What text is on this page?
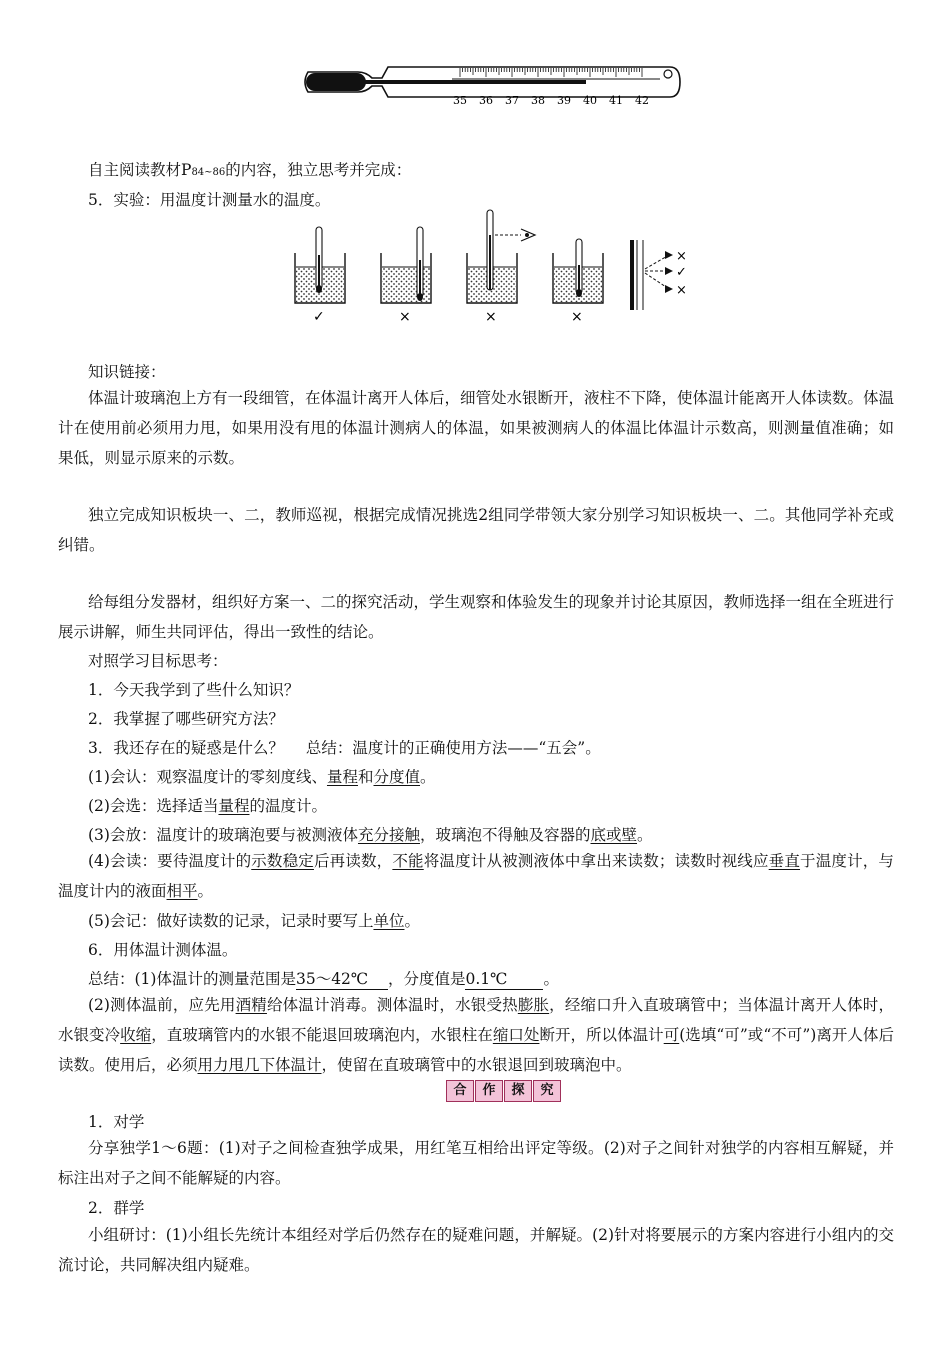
35 36 37 38 39 40 41 42
自主阅读教材P84~86的内容，独立思考并完成：
5．实验：用温度计测量水的温度。
×
✓
×
✓	×	×	×
知识链接：
体温计玻璃泡上方有一段细管，在体温计离开人体后，细管处水银断开，液柱不下降，使体温计能离开人体读数。体温计在使用前必须用力甩，如果用没有甩的体温计测病人的体温，如果被测病人的体温比体温计示数高，则测量值准确；如果低，则显示原来的示数。
独立完成知识板块一、二，教师巡视，根据完成情况挑选2组同学带领大家分别学习知识板块一、二。其他同学补充或纠错。
给每组分发器材，组织好方案一、二的探究活动，学生观察和体验发生的现象并讨论其原因，教师选择一组在全班进行展示讲解，师生共同评估，得出一致性的结论。
对照学习目标思考：
1．今天我学到了些什么知识？
2．我掌握了哪些研究方法？
3．我还存在的疑惑是什么？ 总结：温度计的正确使用方法——“五会”。
(1)会认：观察温度计的零刻度线、量程和分度值。
(2)会选：选择适当量程的温度计。
(3)会放：温度计的玻璃泡要与被测液体充分接触，玻璃泡不得触及容器的底或壁。
(4)会读：要待温度计的示数稳定后再读数，不能将温度计从被测液体中拿出来读数；读数时视线应垂直于温度计，与温度计内的液面相平。
(5)会记：做好读数的记录，记录时要写上单位。
6．用体温计测体温。
总结：(1)体温计的测量范围是35～42℃ ，分度值是0.1℃ 。
(2)测体温前，应先用酒精给体温计消毒。测体温时，水银受热膨胀，经缩口升入直玻璃管中；当体温计离开人体时，水银变冷收缩，直玻璃管内的水银不能退回玻璃泡内，水银柱在缩口处断开，所以体温计可(选填“可”或“不可”)离开人体后读数。使用后，必须用力甩几下体温计，使留在直玻璃管中的水银退回到玻璃泡中。
合	作	探	究
1．对学
分享独学1～6题：(1)对子之间检查独学成果，用红笔互相给出评定等级。(2)对子之间针对独学的内容相互解疑，并标注出对子之间不能解疑的内容。
2．群学
小组研讨：(1)小组长先统计本组经对学后仍然存在的疑难问题，并解疑。(2)针对将要展示的方案内容进行小组内的交流讨论，共同解决组内疑难。
